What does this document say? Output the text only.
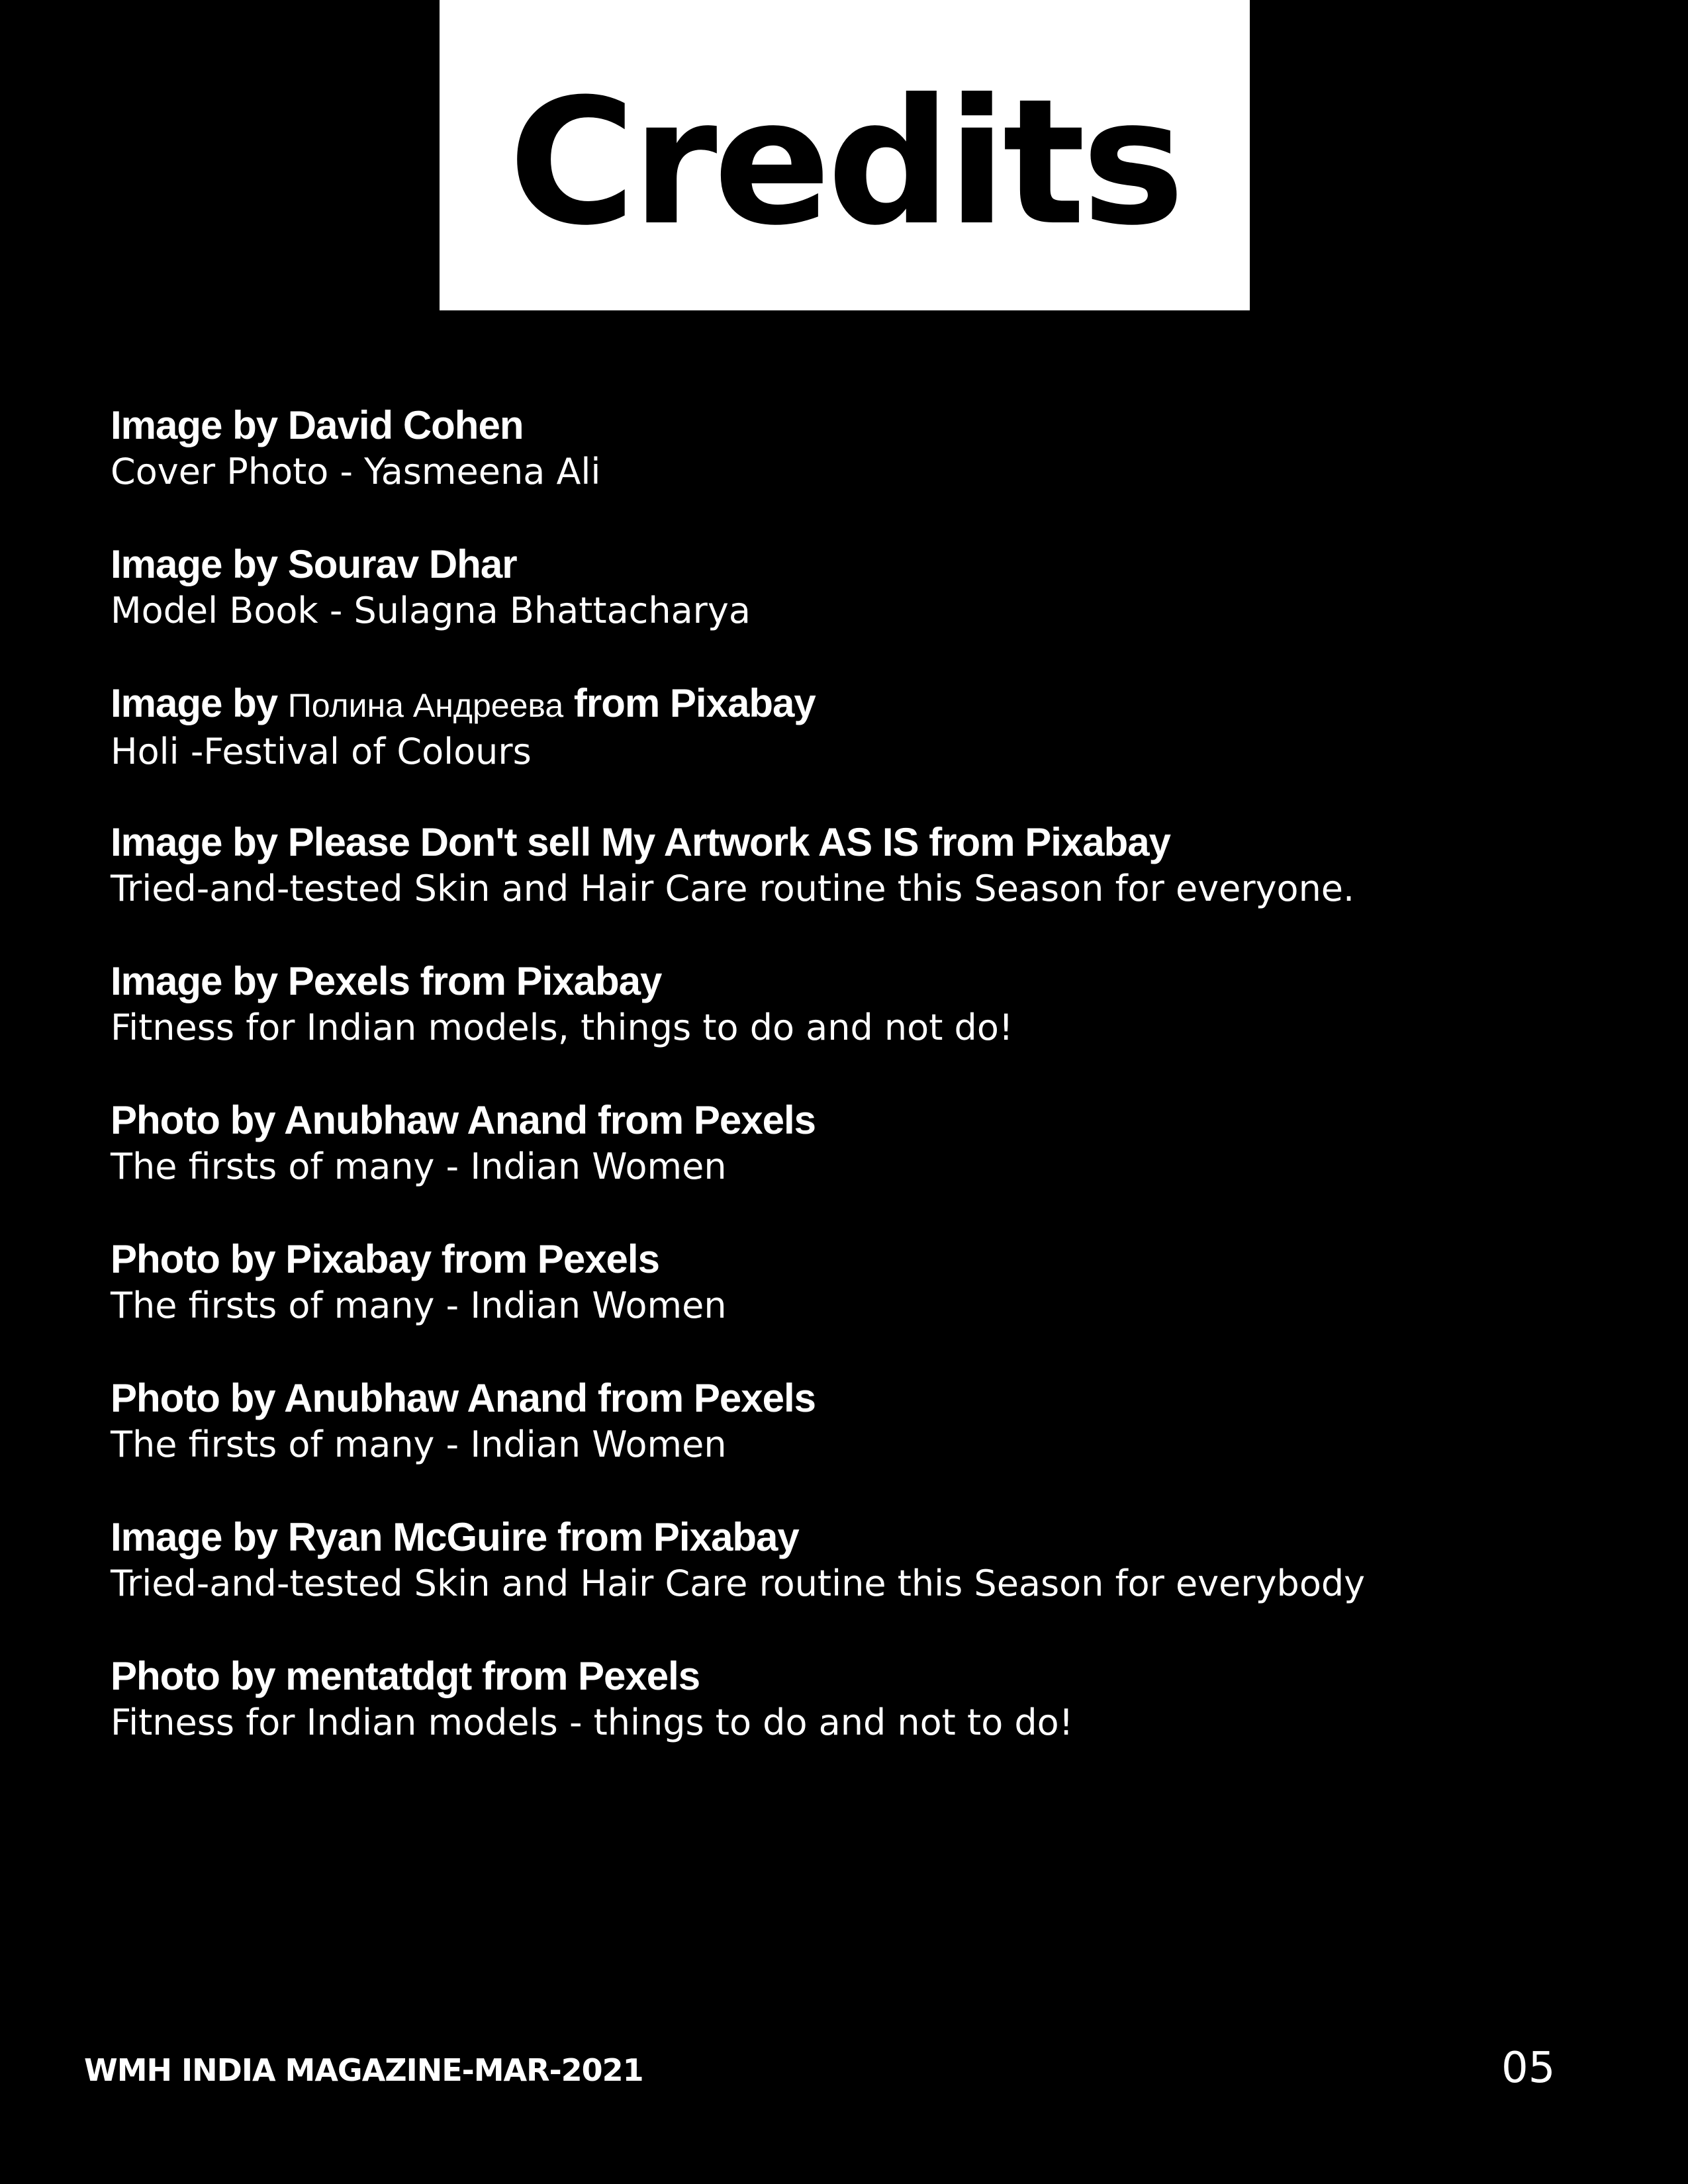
Credits
Image by David Cohen
Cover Photo - Yasmeena Ali
Image by Sourav Dhar
Model Book - Sulagna Bhattacharya
Image by Полина Андреева from Pixabay
Holi -Festival of Colours
Image by Please Don't sell My Artwork AS IS from Pixabay
Tried-and-tested Skin and Hair Care routine this Season for everyone.
Image by Pexels from Pixabay
Fitness for Indian models, things to do and not do!
Photo by Anubhaw Anand from Pexels
The firsts of many - Indian Women
Photo by Pixabay from Pexels
The firsts of many - Indian Women
Photo by Anubhaw Anand from Pexels
The firsts of many - Indian Women
Image by Ryan McGuire from Pixabay
Tried-and-tested Skin and Hair Care routine this Season for everybody
Photo by mentatdgt from Pexels
Fitness for Indian models - things to do and not to do!
WMH INDIA MAGAZINE-MAR-2021	05
